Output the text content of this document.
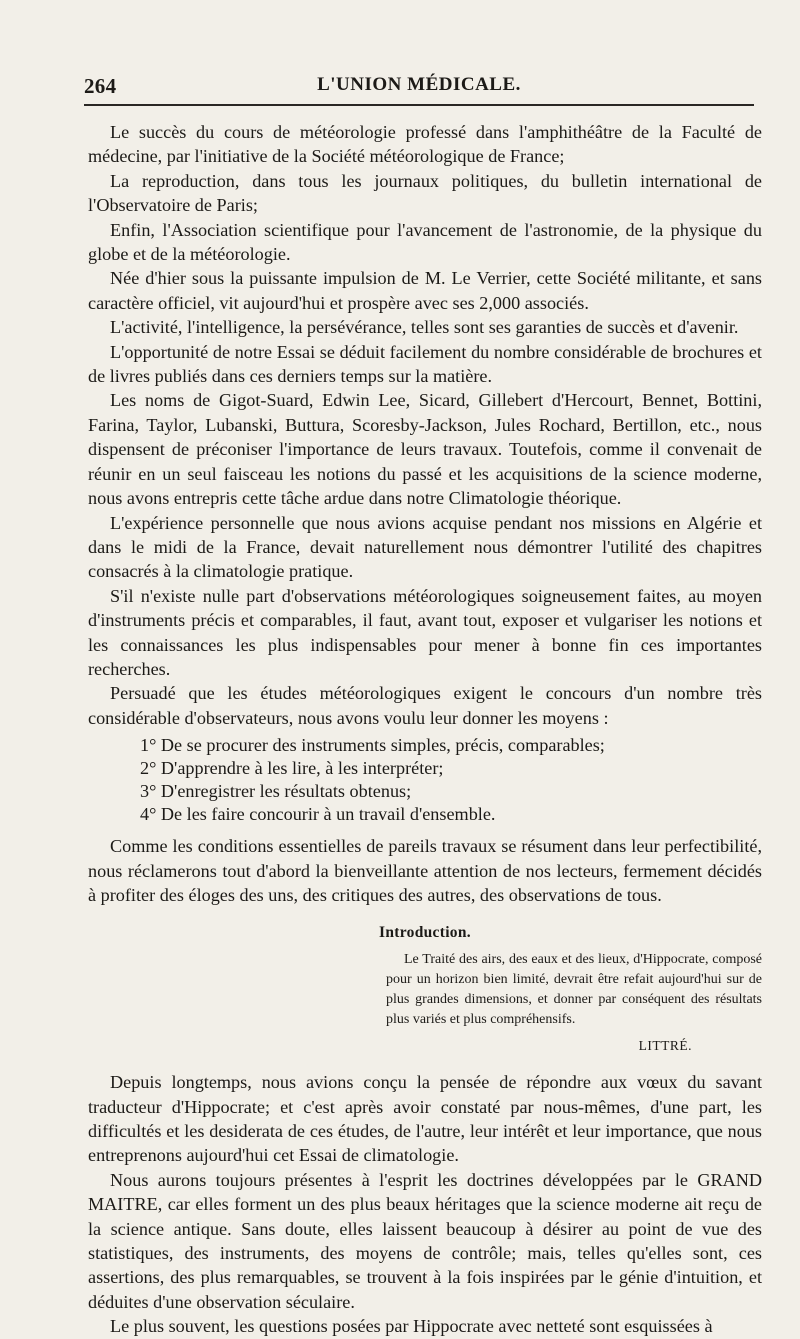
264	L'UNION MÉDICALE.

Le succès du cours de météorologie professé dans l'amphithéâtre de la Faculté de médecine, par l'initiative de la Société météorologique de France;

La reproduction, dans tous les journaux politiques, du bulletin international de l'Observatoire de Paris;

Enfin, l'Association scientifique pour l'avancement de l'astronomie, de la physique du globe et de la météorologie.

Née d'hier sous la puissante impulsion de M. Le Verrier, cette Société militante, et sans caractère officiel, vit aujourd'hui et prospère avec ses 2,000 associés.

L'activité, l'intelligence, la persévérance, telles sont ses garanties de succès et d'avenir.

L'opportunité de notre Essai se déduit facilement du nombre considérable de brochures et de livres publiés dans ces derniers temps sur la matière.

Les noms de Gigot-Suard, Edwin Lee, Sicard, Gillebert d'Hercourt, Bennet, Bottini, Farina, Taylor, Lubanski, Buttura, Scoresby-Jackson, Jules Rochard, Bertillon, etc., nous dispensent de préconiser l'importance de leurs travaux. Toutefois, comme il convenait de réunir en un seul faisceau les notions du passé et les acquisitions de la science moderne, nous avons entrepris cette tâche ardue dans notre Climatologie théorique.

L'expérience personnelle que nous avions acquise pendant nos missions en Algérie et dans le midi de la France, devait naturellement nous démontrer l'utilité des chapitres consacrés à la climatologie pratique.

S'il n'existe nulle part d'observations météorologiques soigneusement faites, au moyen d'instruments précis et comparables, il faut, avant tout, exposer et vulgariser les notions et les connaissances les plus indispensables pour mener à bonne fin ces importantes recherches.

Persuadé que les études météorologiques exigent le concours d'un nombre très considérable d'observateurs, nous avons voulu leur donner les moyens :

1° De se procurer des instruments simples, précis, comparables;
2° D'apprendre à les lire, à les interpréter;
3° D'enregistrer les résultats obtenus;
4° De les faire concourir à un travail d'ensemble.

Comme les conditions essentielles de pareils travaux se résument dans leur perfectibilité, nous réclamerons tout d'abord la bienveillante attention de nos lecteurs, fermement décidés à profiter des éloges des uns, des critiques des autres, des observations de tous.

Introduction.

Le Traité des airs, des eaux et des lieux, d'Hippocrate, composé pour un horizon bien limité, devrait être refait aujourd'hui sur de plus grandes dimensions, et donner par conséquent des résultats plus variés et plus compréhensifs.

LITTRÉ.

Depuis longtemps, nous avions conçu la pensée de répondre aux vœux du savant traducteur d'Hippocrate; et c'est après avoir constaté par nous-mêmes, d'une part, les difficultés et les desiderata de ces études, de l'autre, leur intérêt et leur importance, que nous entreprenons aujourd'hui cet Essai de climatologie.

Nous aurons toujours présentes à l'esprit les doctrines développées par le GRAND MAITRE, car elles forment un des plus beaux héritages que la science moderne ait reçu de la science antique. Sans doute, elles laissent beaucoup à désirer au point de vue des statistiques, des instruments, des moyens de contrôle; mais, telles qu'elles sont, ces assertions, des plus remarquables, se trouvent à la fois inspirées par le génie d'intuition, et déduites d'une observation séculaire.

Le plus souvent, les questions posées par Hippocrate avec netteté sont esquissées à
